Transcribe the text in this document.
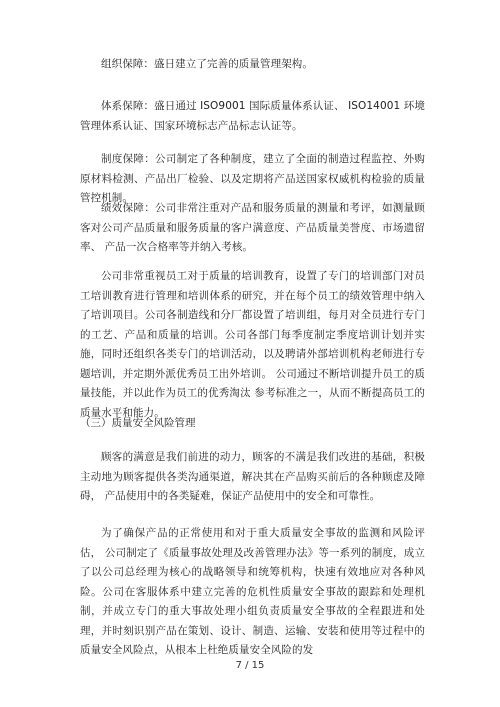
组织保障：盛日建立了完善的质量管理架构。

体系保障：盛日通过 ISO9001 国际质量体系认证、 ISO14001 环境管理体系认证、国家环境标志产品标志认证等。

制度保障：公司制定了各种制度，建立了全面的制造过程监控、外购原材料检测、产品出厂检验、以及定期将产品送国家权威机构检验的质量管控机制。

绩效保障：公司非常注重对产品和服务质量的测量和考评，如测量顾客对公司产品质量和服务质量的客户满意度、产品质量美誉度、市场遗留率、 产品一次合格率等并纳入考核。

公司非常重视员工对于质量的培训教育，设置了专门的培训部门对员工培训教育进行管理和培训体系的研究，并在每个员工的绩效管理中纳入了培训项目。公司各制造线和分厂都设置了培训组，每月对全员进行专门的工艺、产品和质量的培训。公司各部门每季度制定季度培训计划并实施，同时还组织各类专门的培训活动，以及聘请外部培训机构老师进行专题培训，并定期外派优秀员工出外培训。 公司通过不断培训提升员工的质量技能，并以此作为员工的优秀淘汰 参考标准之一，从而不断提高员工的质量水平和能力。

（三）质量安全风险管理

顾客的满意是我们前进的动力，顾客的不满是我们改进的基础，积极主动地为顾客提供各类沟通渠道，解决其在产品购买前后的各种顾虑及障碍， 产品使用中的各类疑难，保证产品使用中的安全和可靠性。

为了确保产品的正常使用和对于重大质量安全事故的监测和风险评估， 公司制定了《质量事故处理及改善管理办法》等一系列的制度，成立了以公司总经理为核心的战略领导和统筹机构，快速有效地应对各种风险。公司在客服体系中建立完善的危机性质量安全事故的跟踪和处理机制，并成立专门的重大事故处理小组负责质量安全事故的全程跟进和处理，并时刻识别产品在策划、设计、制造、运输、安装和使用等过程中的质量安全风险点，从根本上杜绝质量安全风险的发

7 / 15
